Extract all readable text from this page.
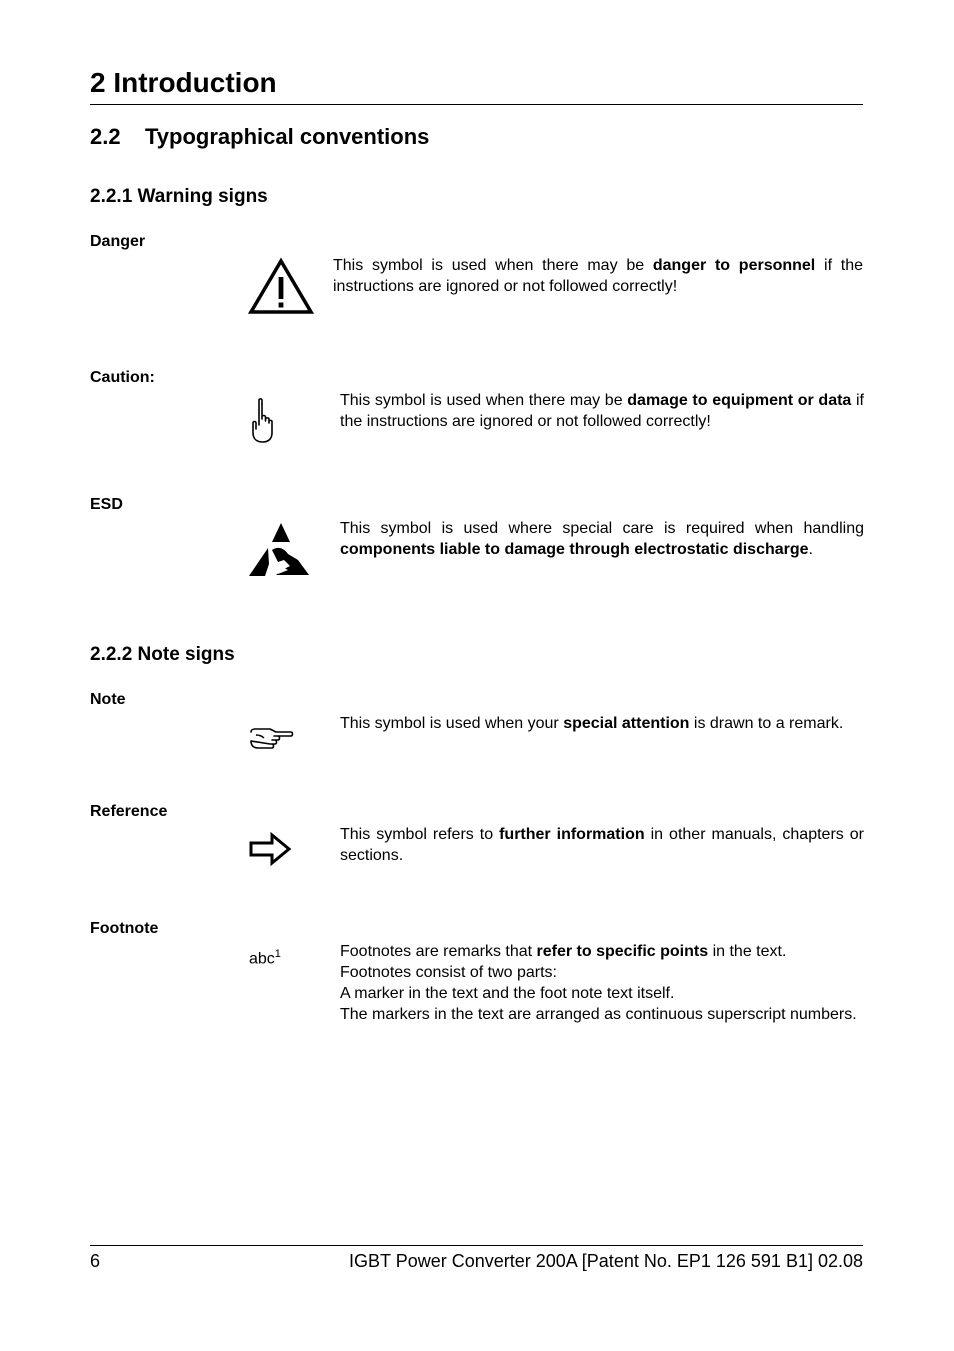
2 Introduction
2.2 Typographical conventions
2.2.1 Warning signs
Danger

This symbol is used when there may be danger to personnel if the instructions are ignored or not followed correctly!

Caution:

This symbol is used when there may be damage to equipment or data if the instructions are ignored or not followed correctly!

ESD

This symbol is used where special care is required when handling components liable to damage through electrostatic discharge.

2.2.2 Note signs
Note

This symbol is used when your special attention is drawn to a remark.

Reference

This symbol refers to further information in other manuals, chapters or sections.

Footnote
abc$^1$	Footnotes are remarks that refer to specific points in the text.
Footnotes consist of two parts:
A marker in the text and the foot note text itself.
The markers in the text are arranged as continuous superscript numbers.
6	IGBT Power Converter 200A [Patent No. EP1 126 591 B1] 02.08
